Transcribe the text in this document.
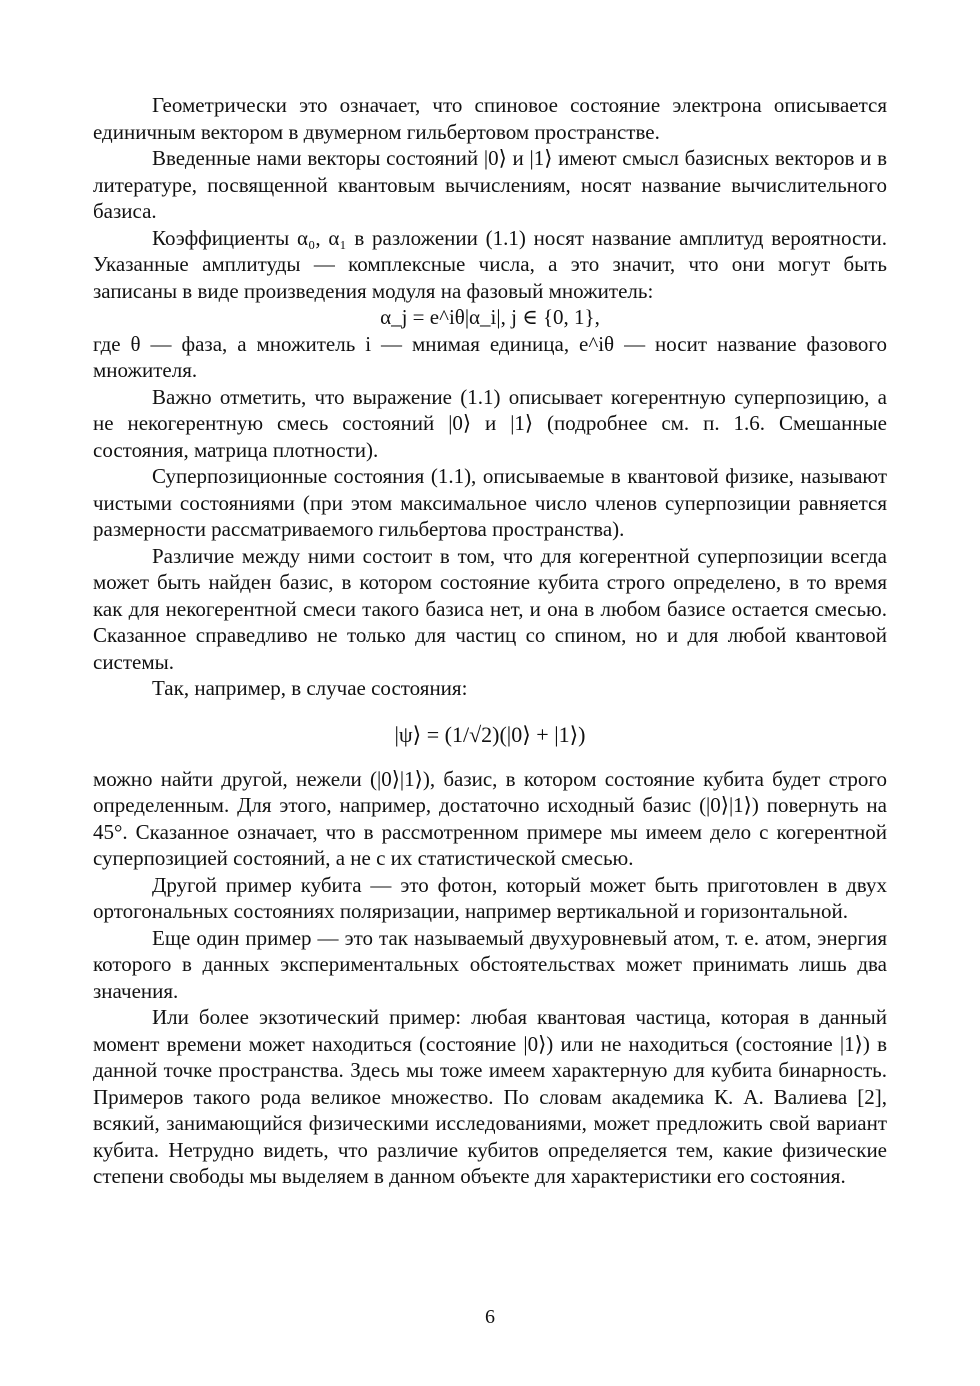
Геометрически это означает, что спиновое состояние электрона описывается единичным вектором в двумерном гильбертовом пространстве.

Введенные нами векторы состояний |0⟩ и |1⟩ имеют смысл базисных векторов и в литературе, посвященной квантовым вычислениям, носят название вычислительного базиса.

Коэффициенты α₀, α₁ в разложении (1.1) носят название амплитуд вероятности. Указанные амплитуды — комплексные числа, а это значит, что они могут быть записаны в виде произведения модуля на фазовый множитель:

α_j = e^iθ|α_i|, j ∈ {0, 1},

где θ — фаза, а множитель i — мнимая единица, e^iθ — носит название фазового множителя.

Важно отметить, что выражение (1.1) описывает когерентную суперпозицию, а не некогерентную смесь состояний |0⟩ и |1⟩ (подробнее см. п. 1.6. Смешанные состояния, матрица плотности).

Суперпозиционные состояния (1.1), описываемые в квантовой физике, называют чистыми состояниями (при этом максимальное число членов суперпозиции равняется размерности рассматриваемого гильбертова пространства).

Различие между ними состоит в том, что для когерентной суперпозиции всегда может быть найден базис, в котором состояние кубита строго определено, в то время как для некогерентной смеси такого базиса нет, и она в любом базисе остается смесью. Сказанное справедливо не только для частиц со спином, но и для любой квантовой системы.

Так, например, в случае состояния:

|ψ⟩ = (1/√2)(|0⟩ + |1⟩)

можно найти другой, нежели (|0⟩|1⟩), базис, в котором состояние кубита будет строго определенным. Для этого, например, достаточно исходный базис (|0⟩|1⟩) повернуть на 45°. Сказанное означает, что в рассмотренном примере мы имеем дело с когерентной суперпозицией состояний, а не с их статистической смесью.

Другой пример кубита — это фотон, который может быть приготовлен в двух ортогональных состояниях поляризации, например вертикальной и горизонтальной.

Еще один пример — это так называемый двухуровневый атом, т. е. атом, энергия которого в данных экспериментальных обстоятельствах может принимать лишь два значения.

Или более экзотический пример: любая квантовая частица, которая в данный момент времени может находиться (состояние |0⟩) или не находиться (состояние |1⟩) в данной точке пространства. Здесь мы тоже имеем характерную для кубита бинарность. Примеров такого рода великое множество. По словам академика К. А. Валиева [2], всякий, занимающийся физическими исследованиями, может предложить свой вариант кубита. Нетрудно видеть, что различие кубитов определяется тем, какие физические степени свободы мы выделяем в данном объекте для характеристики его состояния.

6
